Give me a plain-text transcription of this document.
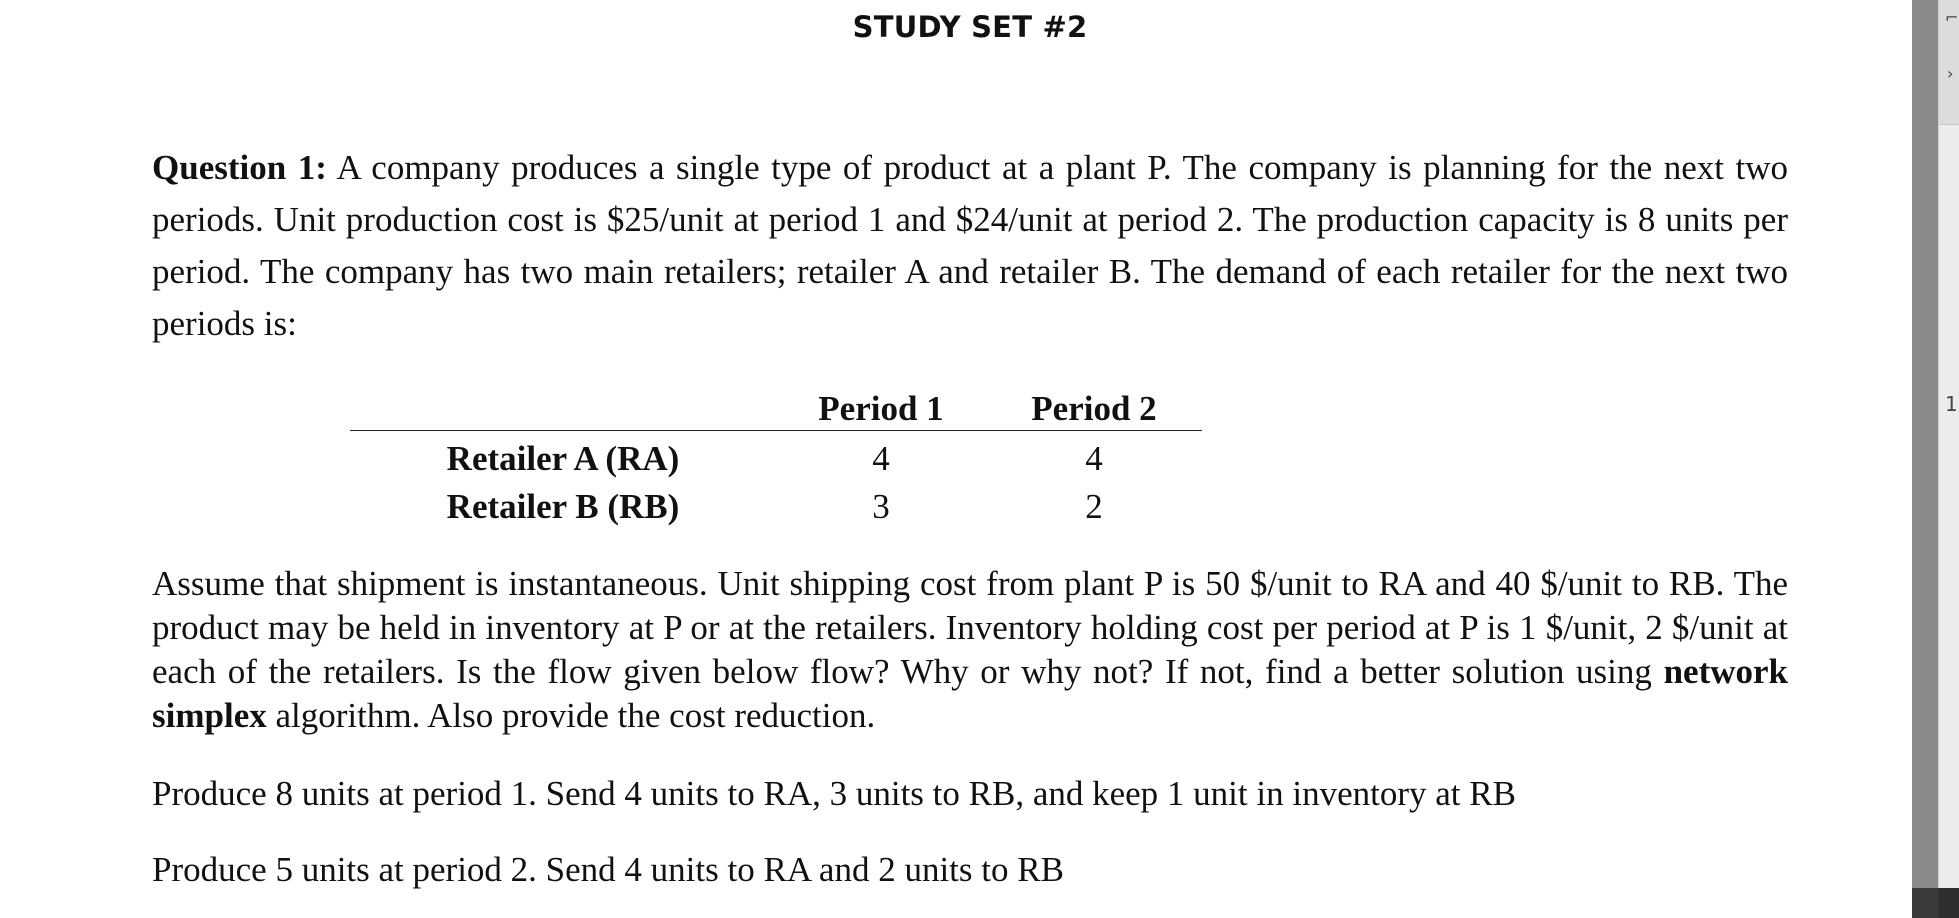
STUDY SET #2
Question 1: A company produces a single type of product at a plant P. The company is planning for the next two periods. Unit production cost is $25/unit at period 1 and $24/unit at period 2. The production capacity is 8 units per period. The company has two main retailers; retailer A and retailer B. The demand of each retailer for the next two periods is:
	Period 1	Period 2
Retailer A (RA)	4	4
Retailer B (RB)	3	2
Assume that shipment is instantaneous. Unit shipping cost from plant P is 50 $/unit to RA and 40 $/unit to RB. The product may be held in inventory at P or at the retailers. Inventory holding cost per period at P is 1 $/unit, 2 $/unit at each of the retailers. Is the flow given below flow? Why or why not? If not, find a better solution using network simplex algorithm. Also provide the cost reduction.
Produce 8 units at period 1. Send 4 units to RA, 3 units to RB, and keep 1 unit in inventory at RB
Produce 5 units at period 2. Send 4 units to RA and 2 units to RB
⌐
›
1
